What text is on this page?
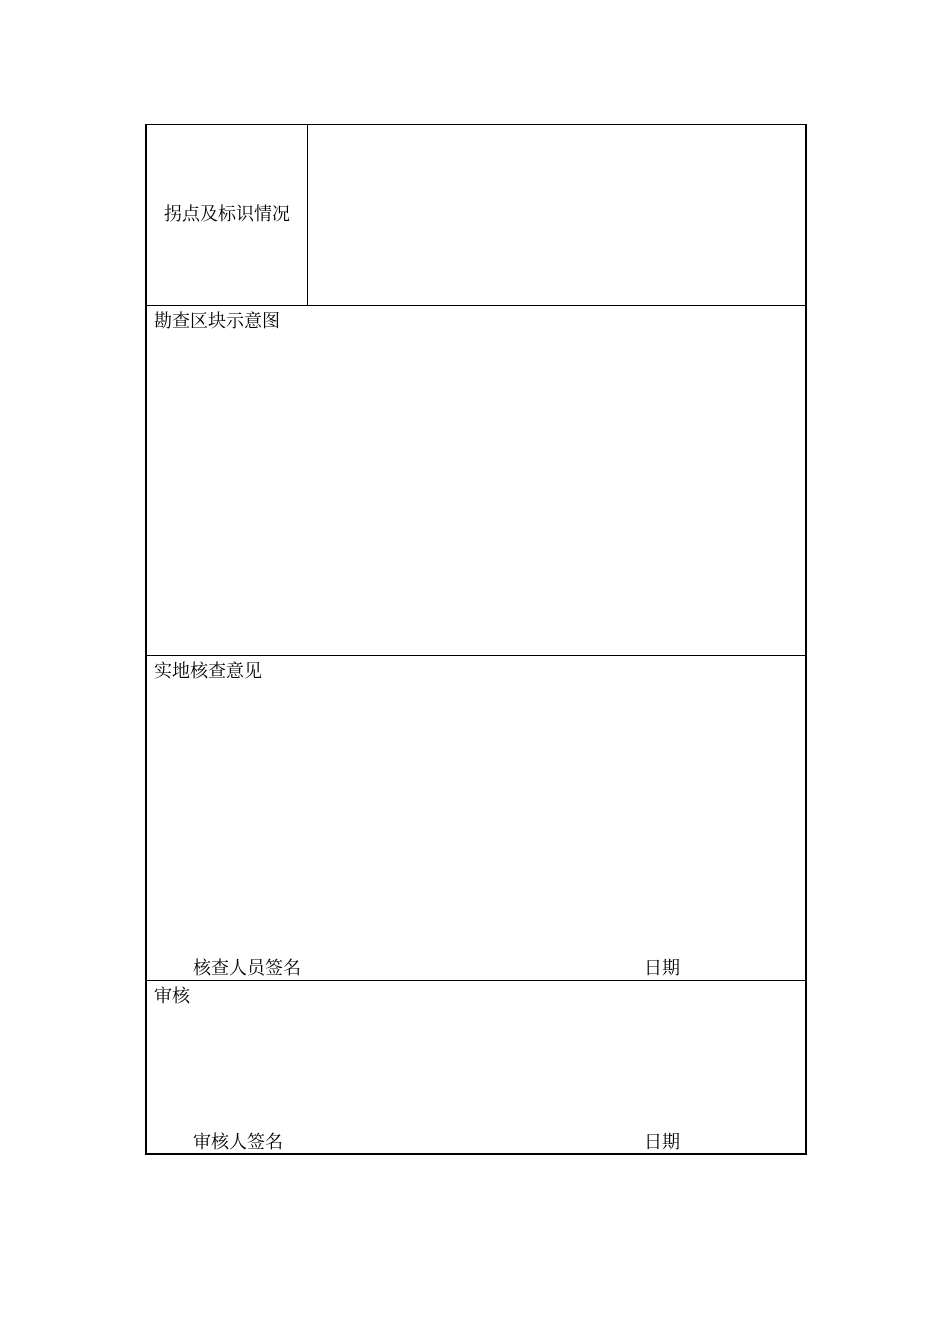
拐点及标识情况
勘查区块示意图
实地核查意见
核查人员签名	日期
审核
审核人签名	日期
